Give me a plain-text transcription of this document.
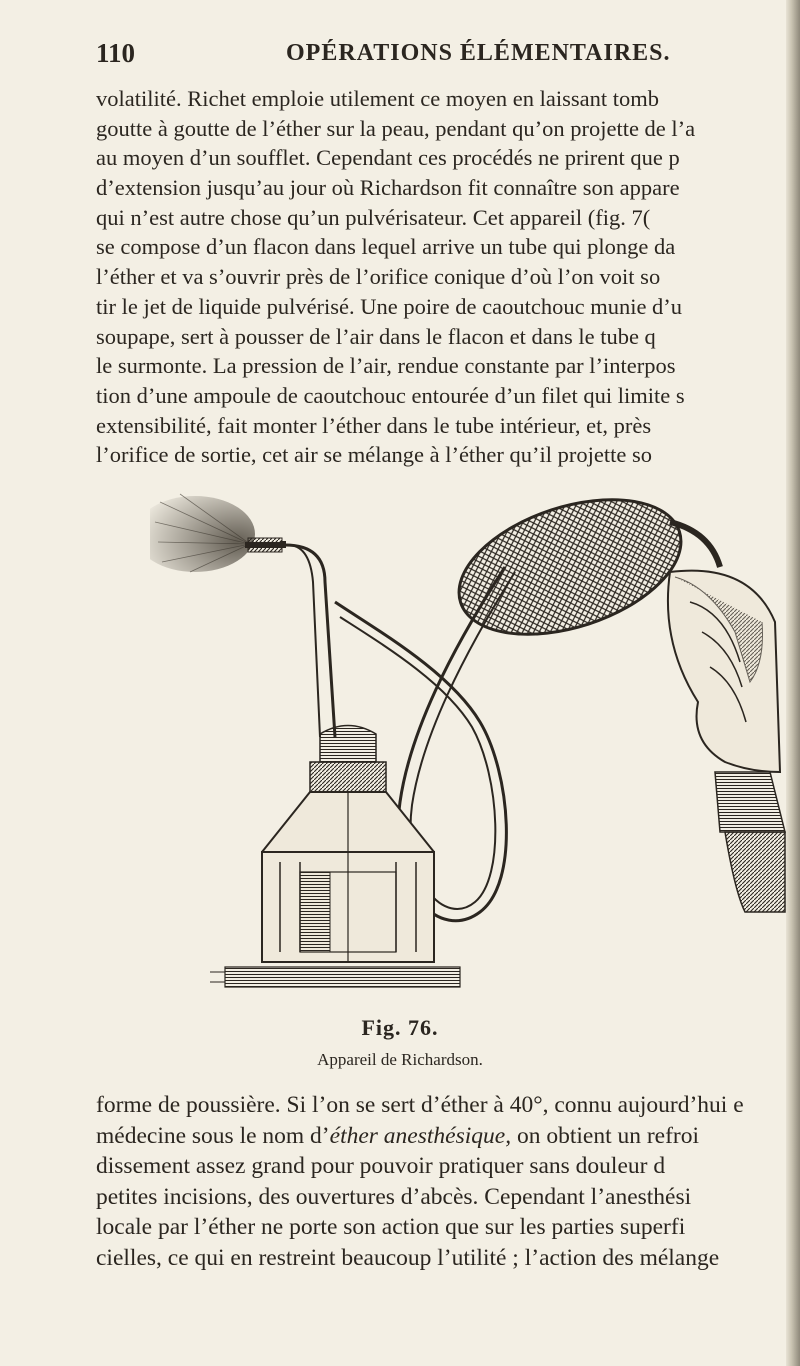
110	OPÉRATIONS ÉLÉMENTAIRES.
volatilité. Richet emploie utilement ce moyen en laissant tomb
goutte à goutte de l’éther sur la peau, pendant qu’on projette de l’a
au moyen d’un soufflet. Cependant ces procédés ne prirent que p
d’extension jusqu’au jour où Richardson fit connaître son appare
qui n’est autre chose qu’un pulvérisateur. Cet appareil (fig. 7(
se compose d’un flacon dans lequel arrive un tube qui plonge da
l’éther et va s’ouvrir près de l’orifice conique d’où l’on voit so
tir le jet de liquide pulvérisé. Une poire de caoutchouc munie d’u
soupape, sert à pousser de l’air dans le flacon et dans le tube q
le surmonte. La pression de l’air, rendue constante par l’interpos
tion d’une ampoule de caoutchouc entourée d’un filet qui limite s
extensibilité, fait monter l’éther dans le tube intérieur, et, près
l’orifice de sortie, cet air se mélange à l’éther qu’il projette so
Fig. 76.
Appareil de Richardson.
forme de poussière. Si l’on se sert d’éther à 40°, connu aujourd’hui e
médecine sous le nom d’éther anesthésique, on obtient un refroi
dissement assez grand pour pouvoir pratiquer sans douleur d
petites incisions, des ouvertures d’abcès. Cependant l’anesthési
locale par l’éther ne porte son action que sur les parties superfi
cielles, ce qui en restreint beaucoup l’utilité ; l’action des mélange
